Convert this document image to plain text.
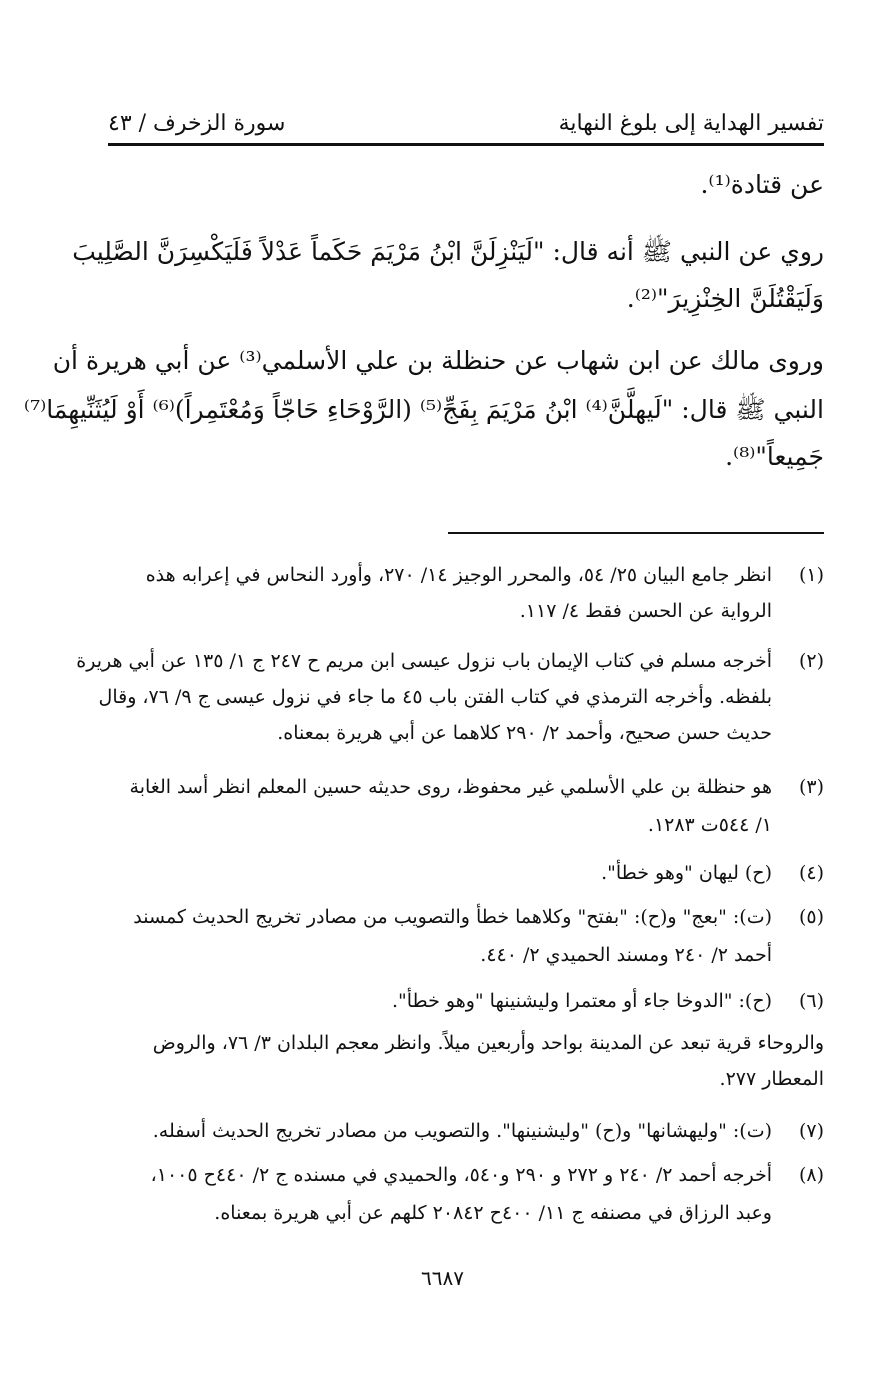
تفسير الهداية إلى بلوغ النهاية
سورة الزخرف / ٤٣
عن قتادة⁽¹⁾.
روي عن النبي ﷺ أنه قال: "لَيَنْزِلَنَّ ابْنُ مَرْيَمَ حَكَماً عَدْلاً فَلَيَكْسِرَنَّ الصَّلِيبَ
وَلَيَقْتُلَنَّ الخِنْزِيرَ"⁽²⁾.
وروى مالك عن ابن شهاب عن حنظلة بن علي الأسلمي⁽³⁾ عن أبي هريرة أن
النبي ﷺ قال: "لَيهلَّنَّ⁽⁴⁾ ابْنُ مَرْيَمَ بِفَجِّ⁽⁵⁾ (الرَّوْحَاءِ حَاجّاً وَمُعْتَمِراً)⁽⁶⁾ أَوْ لَيُثَنِّيهِمَا⁽⁷⁾
جَمِيعاً"⁽⁸⁾.
(١)
انظر جامع البيان ٢٥/ ٥٤، والمحرر الوجيز ١٤/ ٢٧٠، وأورد النحاس في إعرابه هذه
الرواية عن الحسن فقط ٤/ ١١٧.
(٢)
أخرجه مسلم في كتاب الإيمان باب نزول عيسى ابن مريم ح ٢٤٧ ج ١/ ١٣٥ عن أبي هريرة
بلفظه. وأخرجه الترمذي في كتاب الفتن باب ٤٥ ما جاء في نزول عيسى ج ٩/ ٧٦، وقال
حديث حسن صحيح، وأحمد ٢/ ٢٩٠ كلاهما عن أبي هريرة بمعناه.
(٣)
هو حنظلة بن علي الأسلمي غير محفوظ، روى حديثه حسين المعلم انظر أسد الغابة
١/ ٥٤٤ت ١٢٨٣.
(٤)
(ح) ليهان "وهو خطأ".
(٥)
(ت): "بعج" و(ح): "بفتح" وكلاهما خطأ والتصويب من مصادر تخريج الحديث كمسند
أحمد ٢/ ٢٤٠ ومسند الحميدي ٢/ ٤٤٠.
(٦)
(ح): "الدوخا جاء أو معتمرا وليشنينها "وهو خطأ".
والروحاء قرية تبعد عن المدينة بواحد وأربعين ميلاً. وانظر معجم البلدان ٣/ ٧٦، والروض
المعطار ٢٧٧.
(٧)
(ت): "وليهشانها" و(ح) "وليشنينها". والتصويب من مصادر تخريج الحديث أسفله.
(٨)
أخرجه أحمد ٢/ ٢٤٠ و ٢٧٢ و ٢٩٠ و٥٤٠، والحميدي في مسنده ج ٢/ ٤٤٠ح ١٠٠٥،
وعبد الرزاق في مصنفه ج ١١/ ٤٠٠ح ٢٠٨٤٢ كلهم عن أبي هريرة بمعناه.
٦٦٨٧
